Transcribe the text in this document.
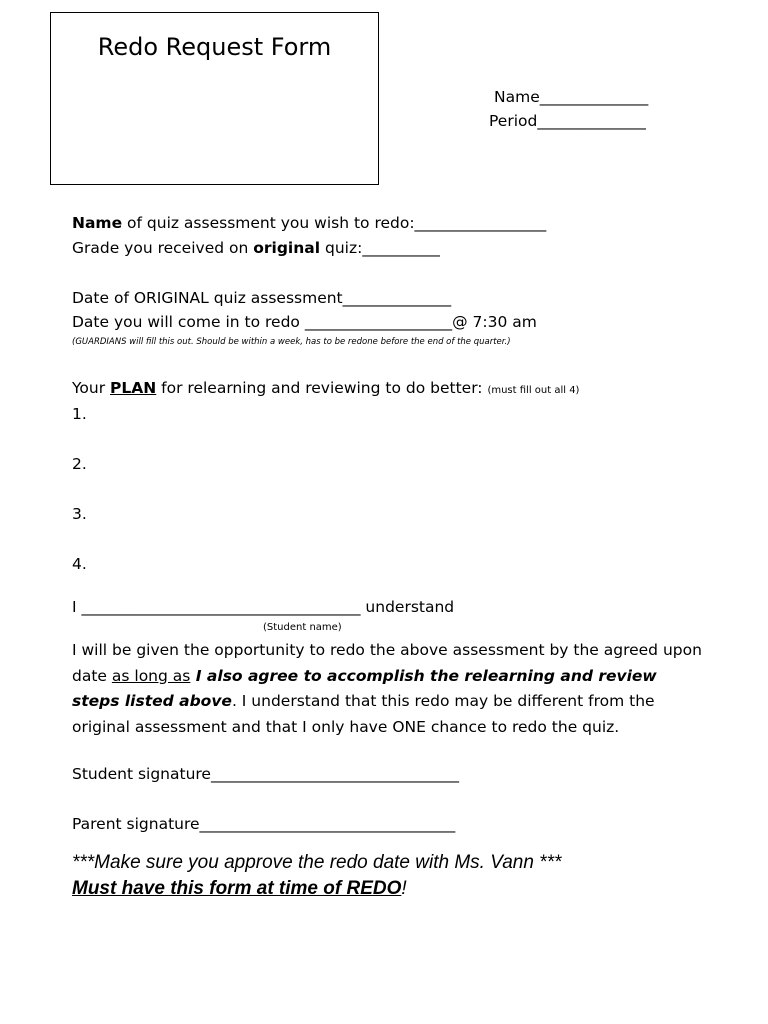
Redo Request Form
Name______________
Period______________
Name of quiz assessment you wish to redo:_________________
Grade you received on original quiz:__________
Date of ORIGINAL quiz assessment______________
Date you will come in to redo ___________________@ 7:30 am
(GUARDIANS will fill this out. Should be within a week, has to be redone before the end of the quarter.)
Your PLAN for relearning and reviewing to do better: (must fill out all 4)
1.
2.
3.
4.
I ____________________________________ understand
(Student name)
I will be given the opportunity to redo the above assessment by the agreed upon date as long as I also agree to accomplish the relearning and review steps listed above. I understand that this redo may be different from the original assessment and that I only have ONE chance to redo the quiz.
Student signature________________________________
Parent signature_________________________________
***Make sure you approve the redo date with Ms. Vann ***
Must have this form at time of REDO!
